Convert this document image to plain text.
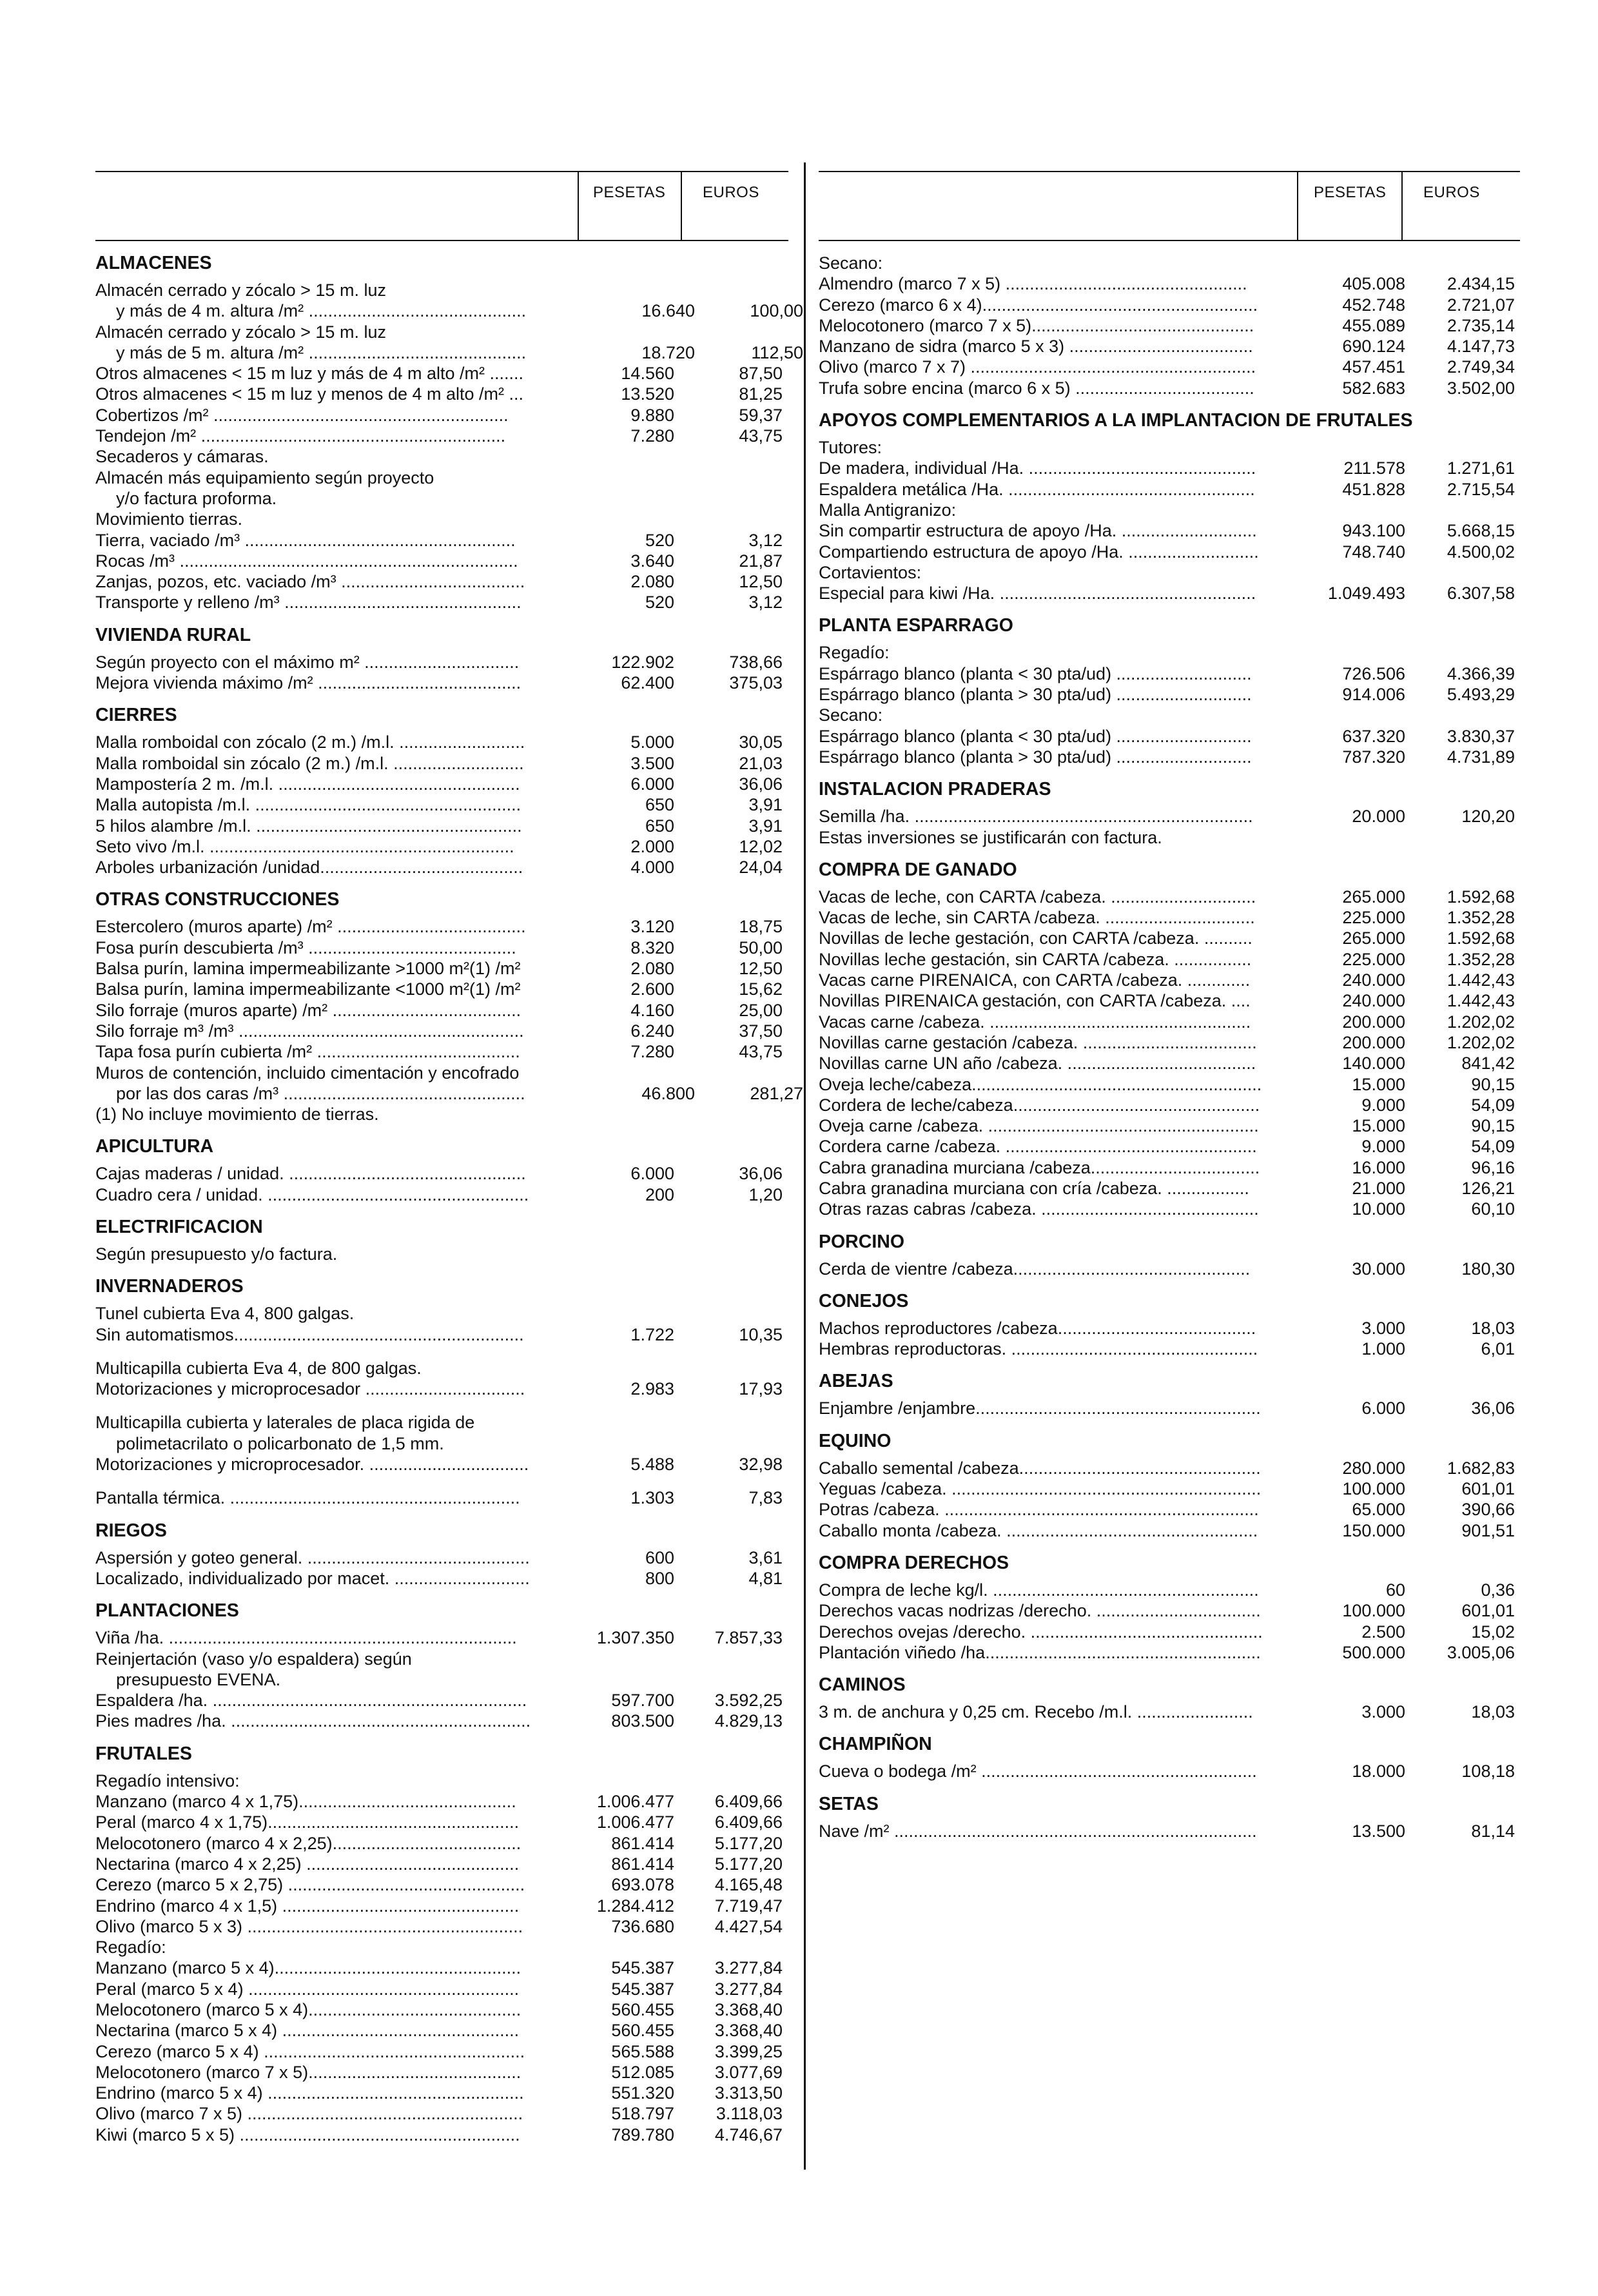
PESETAS EUROS
ALMACENES
Almacén cerrado y zócalo > 15 m. luz
y más de 4 m. altura /m² .............................................	16.640	100,00
Almacén cerrado y zócalo > 15 m. luz
y más de 5 m. altura /m² .............................................	18.720	112,50
Otros almacenes < 15 m luz y más de 4 m alto /m² .......	14.560	87,50
Otros almacenes < 15 m luz y menos de 4 m alto /m² ...	13.520	81,25
Cobertizos /m² .............................................................	9.880	59,37
Tendejon /m² ...............................................................	7.280	43,75
Secaderos y cámaras.
Almacén más equipamiento según proyecto
y/o factura proforma.
Movimiento tierras.
Tierra, vaciado /m³ ........................................................	520	3,12
Rocas /m³ ......................................................................	3.640	21,87
Zanjas, pozos, etc. vaciado /m³ ......................................	2.080	12,50
Transporte y relleno /m³ .................................................	520	3,12
VIVIENDA RURAL
Según proyecto con el máximo m² ................................	122.902	738,66
Mejora vivienda máximo /m² ..........................................	62.400	375,03
CIERRES
Malla romboidal con zócalo (2 m.) /m.l. ..........................	5.000	30,05
Malla romboidal sin zócalo (2 m.) /m.l. ...........................	3.500	21,03
Mampostería 2 m. /m.l. ..................................................	6.000	36,06
Malla autopista /m.l. .......................................................	650	3,91
5 hilos alambre /m.l. .......................................................	650	3,91
Seto vivo /m.l. ...............................................................	2.000	12,02
Arboles urbanización /unidad..........................................	4.000	24,04
OTRAS CONSTRUCCIONES
Estercolero (muros aparte) /m² .......................................	3.120	18,75
Fosa purín descubierta /m³ ...........................................	8.320	50,00
Balsa purín, lamina impermeabilizante >1000 m²(1) /m²	2.080	12,50
Balsa purín, lamina impermeabilizante <1000 m²(1) /m²	2.600	15,62
Silo forraje (muros aparte) /m² .......................................	4.160	25,00
Silo forraje m³ /m³ ...........................................................	6.240	37,50
Tapa fosa purín cubierta /m² ..........................................	7.280	43,75
Muros de contención, incluido cimentación y encofrado
por las dos caras /m³ ..................................................	46.800	281,27
(1) No incluye movimiento de tierras.
APICULTURA
Cajas maderas / unidad. .................................................	6.000	36,06
Cuadro cera / unidad. ......................................................	200	1,20
ELECTRIFICACION
Según presupuesto y/o factura.
INVERNADEROS
Tunel cubierta Eva 4, 800 galgas.
Sin automatismos............................................................	1.722	10,35
Multicapilla cubierta Eva 4, de 800 galgas.
Motorizaciones y microprocesador .................................	2.983	17,93
Multicapilla cubierta y laterales de placa rigida de
polimetacrilato o policarbonato de 1,5 mm.
Motorizaciones y microprocesador. .................................	5.488	32,98
Pantalla térmica. ............................................................	1.303	7,83
RIEGOS
Aspersión y goteo general. ..............................................	600	3,61
Localizado, individualizado por macet. ............................	800	4,81
PLANTACIONES
Viña /ha. ........................................................................	1.307.350	7.857,33
Reinjertación (vaso y/o espaldera) según
presupuesto EVENA.
Espaldera /ha. .................................................................	597.700	3.592,25
Pies madres /ha. ..............................................................	803.500	4.829,13
FRUTALES
Regadío intensivo:
Manzano (marco 4 x 1,75).............................................	1.006.477	6.409,66
Peral (marco 4 x 1,75)....................................................	1.006.477	6.409,66
Melocotonero (marco 4 x 2,25).......................................	861.414	5.177,20
Nectarina (marco 4 x 2,25) ............................................	861.414	5.177,20
Cerezo (marco 5 x 2,75) .................................................	693.078	4.165,48
Endrino (marco 4 x 1,5) .................................................	1.284.412	7.719,47
Olivo (marco 5 x 3) .........................................................	736.680	4.427,54
Regadío:
Manzano (marco 5 x 4)...................................................	545.387	3.277,84
Peral (marco 5 x 4) ........................................................	545.387	3.277,84
Melocotonero (marco 5 x 4)............................................	560.455	3.368,40
Nectarina (marco 5 x 4) .................................................	560.455	3.368,40
Cerezo (marco 5 x 4) ......................................................	565.588	3.399,25
Melocotonero (marco 7 x 5)............................................	512.085	3.077,69
Endrino (marco 5 x 4) .....................................................	551.320	3.313,50
Olivo (marco 7 x 5) .........................................................	518.797	3.118,03
Kiwi (marco 5 x 5) ..........................................................	789.780	4.746,67
PESETAS EUROS
Secano:
Almendro (marco 7 x 5) ..................................................	405.008	2.434,15
Cerezo (marco 6 x 4).........................................................	452.748	2.721,07
Melocotonero (marco 7 x 5)..............................................	455.089	2.735,14
Manzano de sidra (marco 5 x 3) ......................................	690.124	4.147,73
Olivo (marco 7 x 7) ...........................................................	457.451	2.749,34
Trufa sobre encina (marco 6 x 5) .....................................	582.683	3.502,00
APOYOS COMPLEMENTARIOS A LA IMPLANTACION DE FRUTALES
Tutores:
De madera, individual /Ha. ...............................................	211.578	1.271,61
Espaldera metálica /Ha. ...................................................	451.828	2.715,54
Malla Antigranizo:
Sin compartir estructura de apoyo /Ha. ............................	943.100	5.668,15
Compartiendo estructura de apoyo /Ha. ...........................	748.740	4.500,02
Cortavientos:
Especial para kiwi /Ha. .....................................................	1.049.493	6.307,58
PLANTA ESPARRAGO
Regadío:
Espárrago blanco (planta < 30 pta/ud) ............................	726.506	4.366,39
Espárrago blanco (planta > 30 pta/ud) ............................	914.006	5.493,29
Secano:
Espárrago blanco (planta < 30 pta/ud) ............................	637.320	3.830,37
Espárrago blanco (planta > 30 pta/ud) ............................	787.320	4.731,89
INSTALACION PRADERAS
Semilla /ha. ......................................................................	20.000	120,20
Estas inversiones se justificarán con factura.
COMPRA DE GANADO
Vacas de leche, con CARTA /cabeza. ..............................	265.000	1.592,68
Vacas de leche, sin CARTA /cabeza. ...............................	225.000	1.352,28
Novillas de leche gestación, con CARTA /cabeza. ..........	265.000	1.592,68
Novillas leche gestación, sin CARTA /cabeza. ................	225.000	1.352,28
Vacas carne PIRENAICA, con CARTA /cabeza. .............	240.000	1.442,43
Novillas PIRENAICA gestación, con CARTA /cabeza. ....	240.000	1.442,43
Vacas carne /cabeza. ......................................................	200.000	1.202,02
Novillas carne gestación /cabeza. ....................................	200.000	1.202,02
Novillas carne UN año /cabeza. .......................................	140.000	841,42
Oveja leche/cabeza............................................................	15.000	90,15
Cordera de leche/cabeza...................................................	9.000	54,09
Oveja carne /cabeza. ........................................................	15.000	90,15
Cordera carne /cabeza. ....................................................	9.000	54,09
Cabra granadina murciana /cabeza...................................	16.000	96,16
Cabra granadina murciana con cría /cabeza. .................	21.000	126,21
Otras razas cabras /cabeza. .............................................	10.000	60,10
PORCINO
Cerda de vientre /cabeza.................................................	30.000	180,30
CONEJOS
Machos reproductores /cabeza.........................................	3.000	18,03
Hembras reproductoras. ...................................................	1.000	6,01
ABEJAS
Enjambre /enjambre...........................................................	6.000	36,06
EQUINO
Caballo semental /cabeza..................................................	280.000	1.682,83
Yeguas /cabeza. ................................................................	100.000	601,01
Potras /cabeza. .................................................................	65.000	390,66
Caballo monta /cabeza. ....................................................	150.000	901,51
COMPRA DERECHOS
Compra de leche kg/l. .......................................................	60	0,36
Derechos vacas nodrizas /derecho. ..................................	100.000	601,01
Derechos ovejas /derecho. ................................................	2.500	15,02
Plantación viñedo /ha.........................................................	500.000	3.005,06
CAMINOS
3 m. de anchura y 0,25 cm. Recebo /m.l. ........................	3.000	18,03
CHAMPIÑON
Cueva o bodega /m² .........................................................	18.000	108,18
SETAS
Nave /m² ...........................................................................	13.500	81,14
